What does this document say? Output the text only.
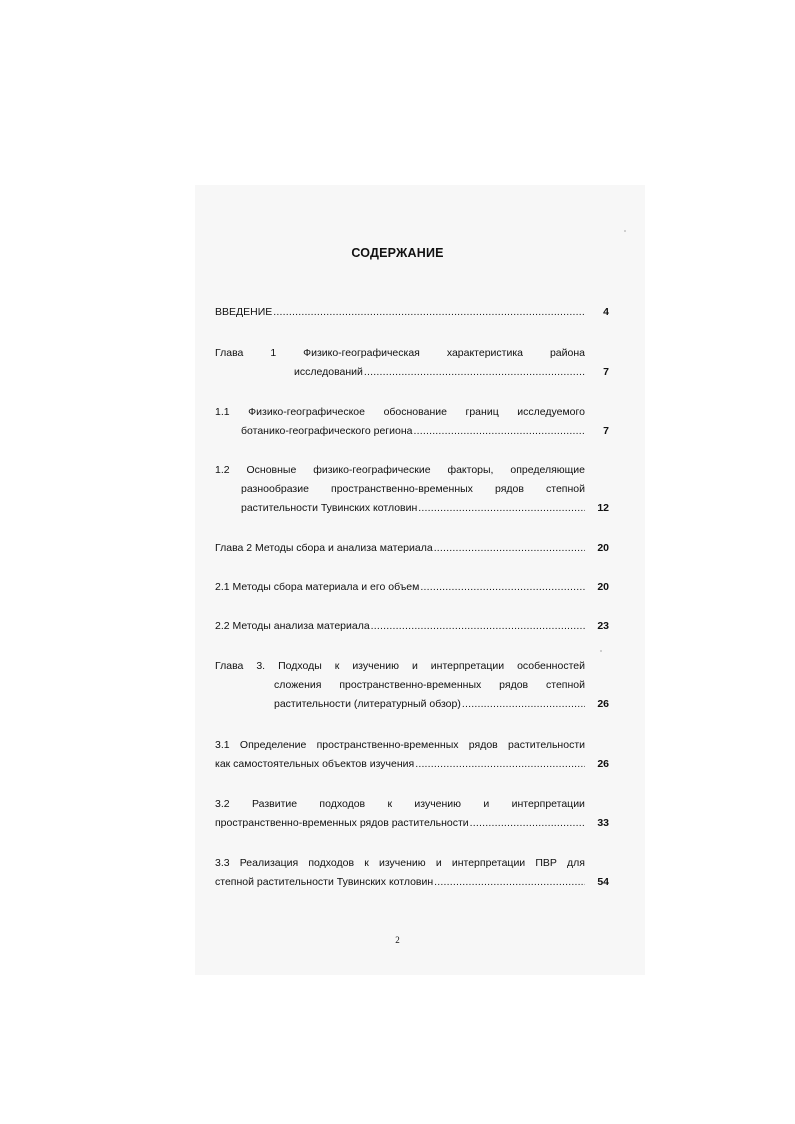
СОДЕРЖАНИЕ
ВВЕДЕНИЕ .....	4
Глава	1	Физико-географическая	характеристика	района
исследований .....	7
1.1 Физико-географическое обоснование границ исследуемого
ботанико-географического региона .....	7
1.2 Основные физико-географические факторы, определяющие
разнообразие пространственно-временных рядов степной
растительности Тувинских котловин .....	12
Глава 2 Методы сбора и анализа материала .....	20
2.1 Методы сбора материала и его объем .....	20
2.2 Методы анализа материала .....	23
Глава 3. Подходы к изучению и интерпретации особенностей
сложения пространственно-временных рядов степной
растительности (литературный обзор) .....	26
3.1 Определение пространственно-временных рядов растительности
как самостоятельных объектов изучения .....	26
3.2 Развитие подходов к изучению и интерпретации
пространственно-временных рядов растительности .....	33
3.3 Реализация подходов к изучению и интерпретации ПВР для
степной растительности Тувинских котловин .....	54
2
